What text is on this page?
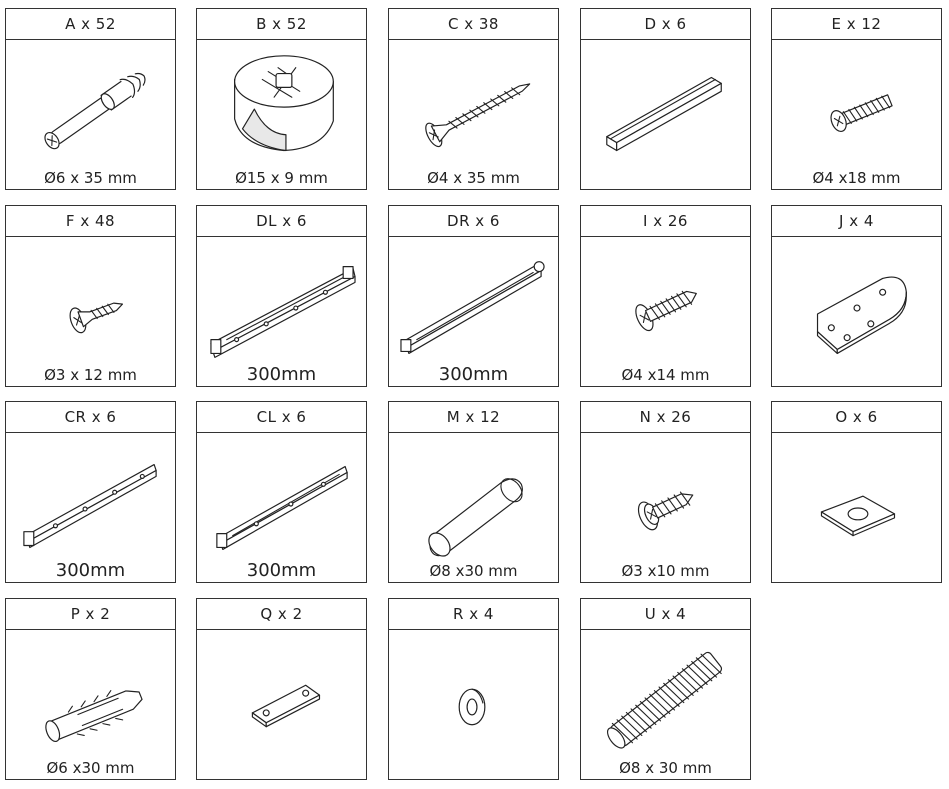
A x 52
Ø6 x 35 mm
B x 52
Ø15 x 9 mm
C x 38
Ø4 x 35 mm
D x 6	E x 12
Ø4 x18 mm
F x 48
Ø3 x 12 mm
DL x 6
300mm
DR x 6
300mm
I x 26
Ø4 x14 mm
J x 4
CR x 6
300mm
CL x 6
300mm
M x 12
Ø8 x30 mm
N x 26
Ø3 x10 mm
O x 6
P x 2
Ø6 x30 mm
Q x 2	R x 4	U x 4
Ø8 x 30 mm
